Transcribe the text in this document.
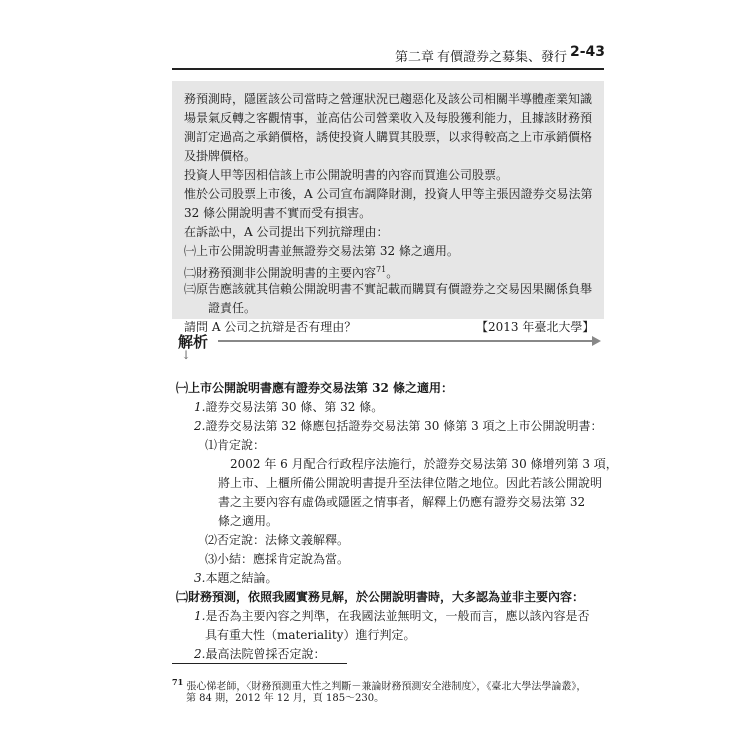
第二章 有價證券之募集、發行 2-43
務預測時，隱匿該公司當時之營運狀況已趨惡化及該公司相關半導體產業知識
場景氣反轉之客觀情事，並高估公司營業收入及每股獲利能力，且據該財務預
測訂定過高之承銷價格，誘使投資人購買其股票，以求得較高之上市承銷價格
及掛牌價格。
投資人甲等因相信該上市公開說明書的內容而買進公司股票。
惟於公司股票上市後，A 公司宣布調降財測，投資人甲等主張因證券交易法第
32 條公開說明書不實而受有損害。
在訴訟中，A 公司提出下列抗辯理由：
㈠上市公開說明書並無證券交易法第 32 條之適用。
㈡財務預測非公開說明書的主要內容$^{71}$。
㈢原告應該就其信賴公開說明書不實記載而購買有價證券之交易因果關係負舉
證責任。
請問 A 公司之抗辯是否有理由？	【2013 年臺北大學】
解析
↓
㈠上市公開說明書應有證券交易法第 32 條之適用：
1.證券交易法第 30 條、第 32 條。
2.證券交易法第 32 條應包括證券交易法第 30 條第 3 項之上市公開說明書：
⑴肯定說：
2002 年 6 月配合行政程序法施行，於證券交易法第 30 條增列第 3 項，
將上市、上櫃所備公開說明書提升至法律位階之地位。因此若該公開說明
書之主要內容有虛偽或隱匿之情事者，解釋上仍應有證券交易法第 32
條之適用。
⑵否定說：法條文義解釋。
⑶小結：應採肯定說為當。
3.本題之結論。
㈡財務預測，依照我國實務見解，於公開說明書時，大多認為並非主要內容：
1.是否為主要內容之判準，在我國法並無明文，一般而言，應以該內容是否
具有重大性（materiality）進行判定。
2.最高法院曾採否定說：
$^{71}$ 張心悌老師，〈財務預測重大性之判斷－兼論財務預測安全港制度〉，《臺北大學法學論叢》，
第 84 期，2012 年 12 月，頁 185～230。
